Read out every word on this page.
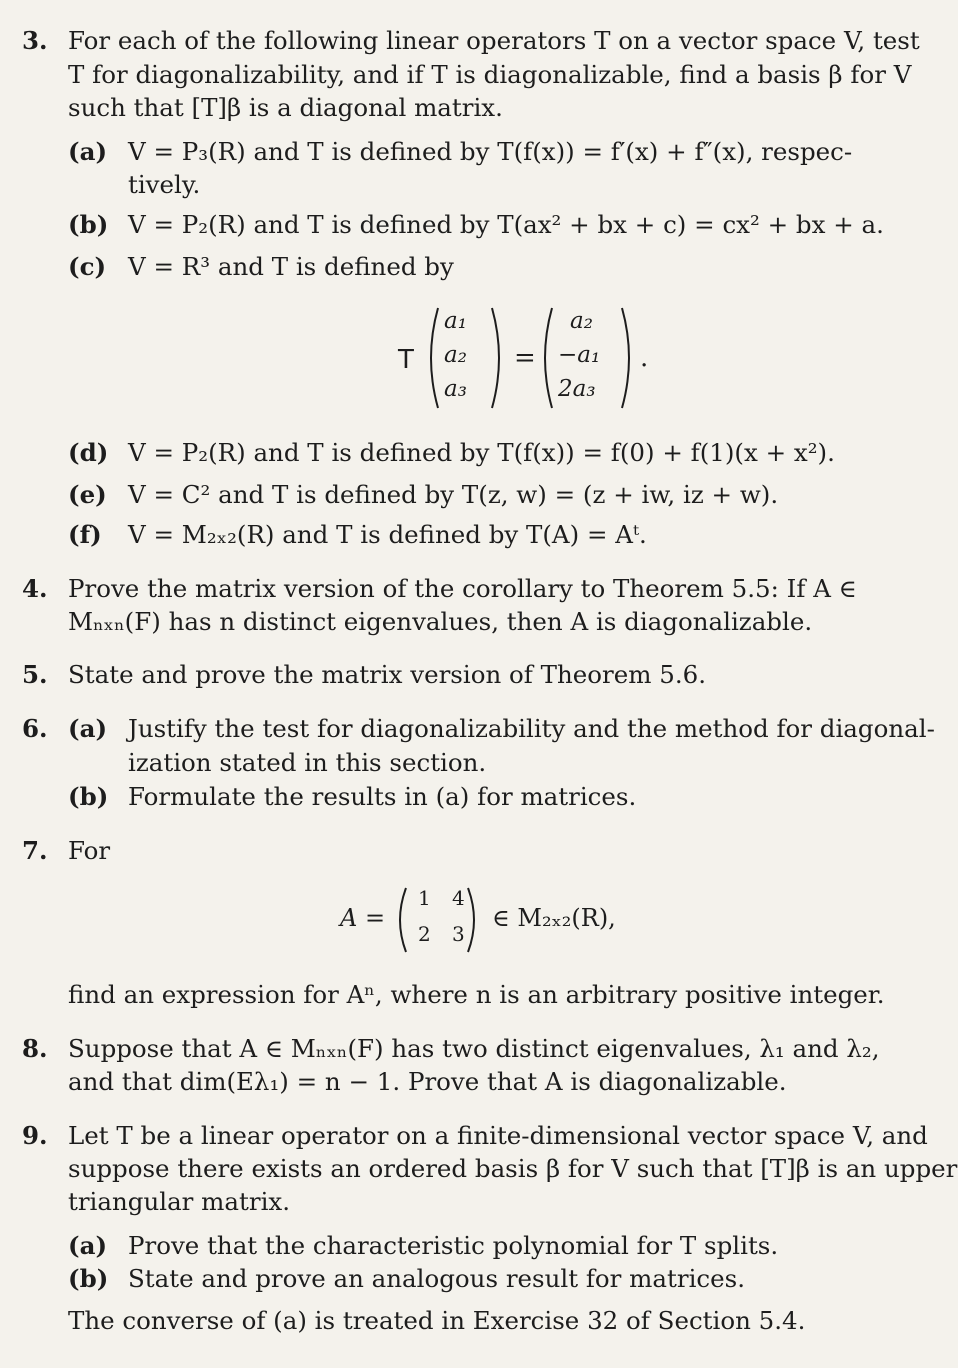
3. For each of the following linear operators T on a vector space V, test
T for diagonalizability, and if T is diagonalizable, find a basis β for V
such that [T]β is a diagonal matrix.
(a) V = P₃(R) and T is defined by T(f(x)) = f′(x) + f″(x), respec-
tively.
(b) V = P₂(R) and T is defined by T(ax² + bx + c) = cx² + bx + a.
(c) V = R³ and T is defined by
T	=	.
a₁
a₂
a₃
a₂
−a₁
2a₃
(d) V = P₂(R) and T is defined by T(f(x)) = f(0) + f(1)(x + x²).
(e) V = C² and T is defined by T(z, w) = (z + iw, iz + w).
(f) V = M₂ₓ₂(R) and T is defined by T(A) = Aᵗ.
4. Prove the matrix version of the corollary to Theorem 5.5: If A ∈
Mₙₓₙ(F) has n distinct eigenvalues, then A is diagonalizable.
5. State and prove the matrix version of Theorem 5.6.
6. (a) Justify the test for diagonalizability and the method for diagonal-
ization stated in this section.
(b) Formulate the results in (a) for matrices.
7. For
A =
1 4
2 3
∈ M₂ₓ₂(R),
find an expression for Aⁿ, where n is an arbitrary positive integer.
8. Suppose that A ∈ Mₙₓₙ(F) has two distinct eigenvalues, λ₁ and λ₂,
and that dim(Eλ₁) = n − 1. Prove that A is diagonalizable.
9. Let T be a linear operator on a finite-dimensional vector space V, and
suppose there exists an ordered basis β for V such that [T]β is an upper
triangular matrix.
(a) Prove that the characteristic polynomial for T splits.
(b) State and prove an analogous result for matrices.
The converse of (a) is treated in Exercise 32 of Section 5.4.
